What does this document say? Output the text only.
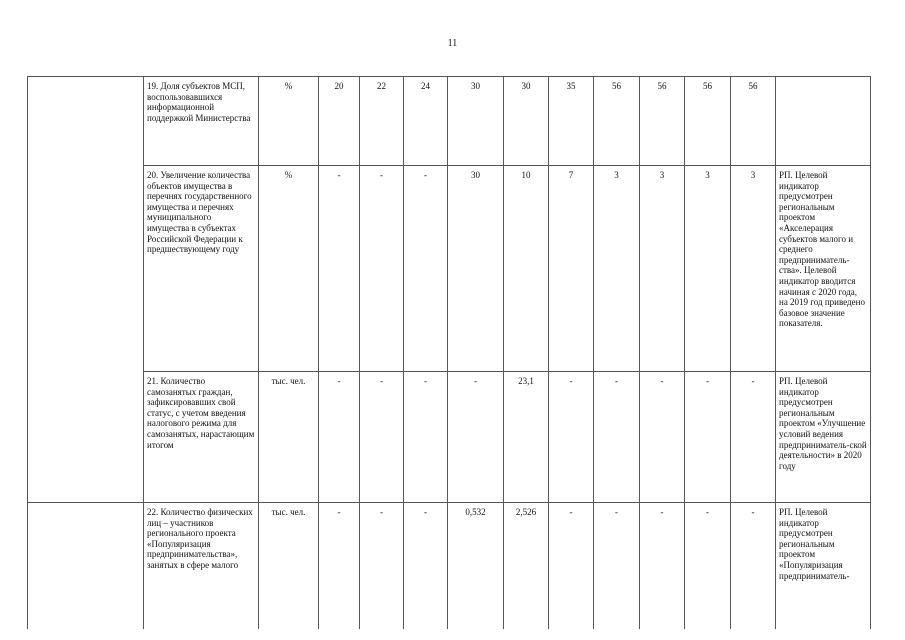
11
	19. Доля субъектов МСП, воспользовавшихся информационной поддержкой Министерства	%	20	22	24	30	30	35	56	56	56	56	
	20. Увеличение количества объектов имущества в перечнях государственного имущества и перечнях муниципального имущества в субъектах Российской Федерации к предшествующему году	%	-	-	-	30	10	7	3	3	3	3	РП. Целевой индикатор предусмотрен региональным проектом «Акселерация субъектов малого и среднего предприниматель-ства». Целевой индикатор вводится начиная с 2020 года, на 2019 год приведено базовое значение показателя.
	21. Количество самозанятых граждан, зафиксировавших свой статус, с учетом введения налогового режима для самозанятых, нарастающим итогом	тыс. чел.	-	-	-	-	23,1	-	-	-	-	-	РП. Целевой индикатор предусмотрен региональным проектом «Улучшение условий ведения предприниматель-ской деятельности» в 2020 году
	22. Количество физических лиц – участников регионального проекта «Популяризация предпринимательства», занятых в сфере малого	тыс. чел.	-	-	-	0,532	2,526	-	-	-	-	-	РП. Целевой индикатор предусмотрен региональным проектом «Популяризация предприниматель-
